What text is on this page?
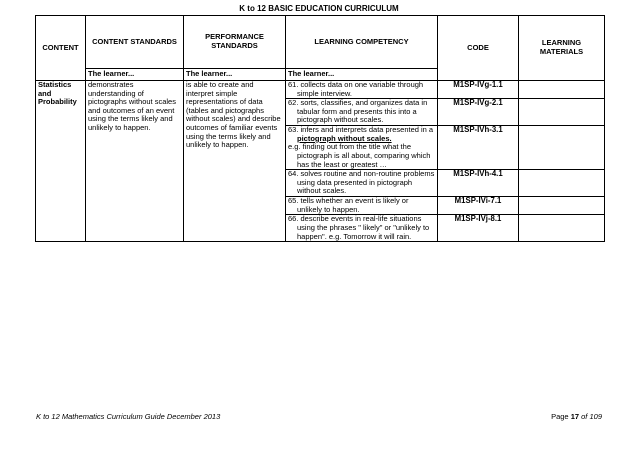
K to 12 BASIC EDUCATION CURRICULUM
CONTENT	CONTENT STANDARDS	PERFORMANCE STANDARDS	LEARNING COMPETENCY	CODE	LEARNING MATERIALS
	The learner...	The learner...	The learner...		
Statistics and Probability	demonstrates understanding of pictographs without scales and outcomes of an event using the terms likely and unlikely to happen.	is able to create and interpret simple representations of data (tables and pictographs without scales) and describe outcomes of familiar events using the terms likely and unlikely to happen.	61. collects data on one variable through simple interview.	M1SP-IVg-1.1	

			62. sorts, classifies, and organizes data in tabular form and presents this into a pictograph without scales.	M1SP-IVg-2.1	

			63. infers and interprets data presented in a pictograph without scales.
e.g. finding out from the title what the pictograph is all about, comparing which has the least or greatest …	M1SP-IVh-3.1	

			64. solves routine and non-routine problems using data presented in pictograph without scales.	M1SP-IVh-4.1	

			65. tells whether an event is likely or unlikely to happen.	M1SP-IVi-7.1	

			66. describe events in real-life situations using the phrases " likely" or "unlikely to happen". e.g. Tomorrow it will rain.	M1SP-IVj-8.1	
K to 12 Mathematics Curriculum Guide December 2013	Page 17 of 109
